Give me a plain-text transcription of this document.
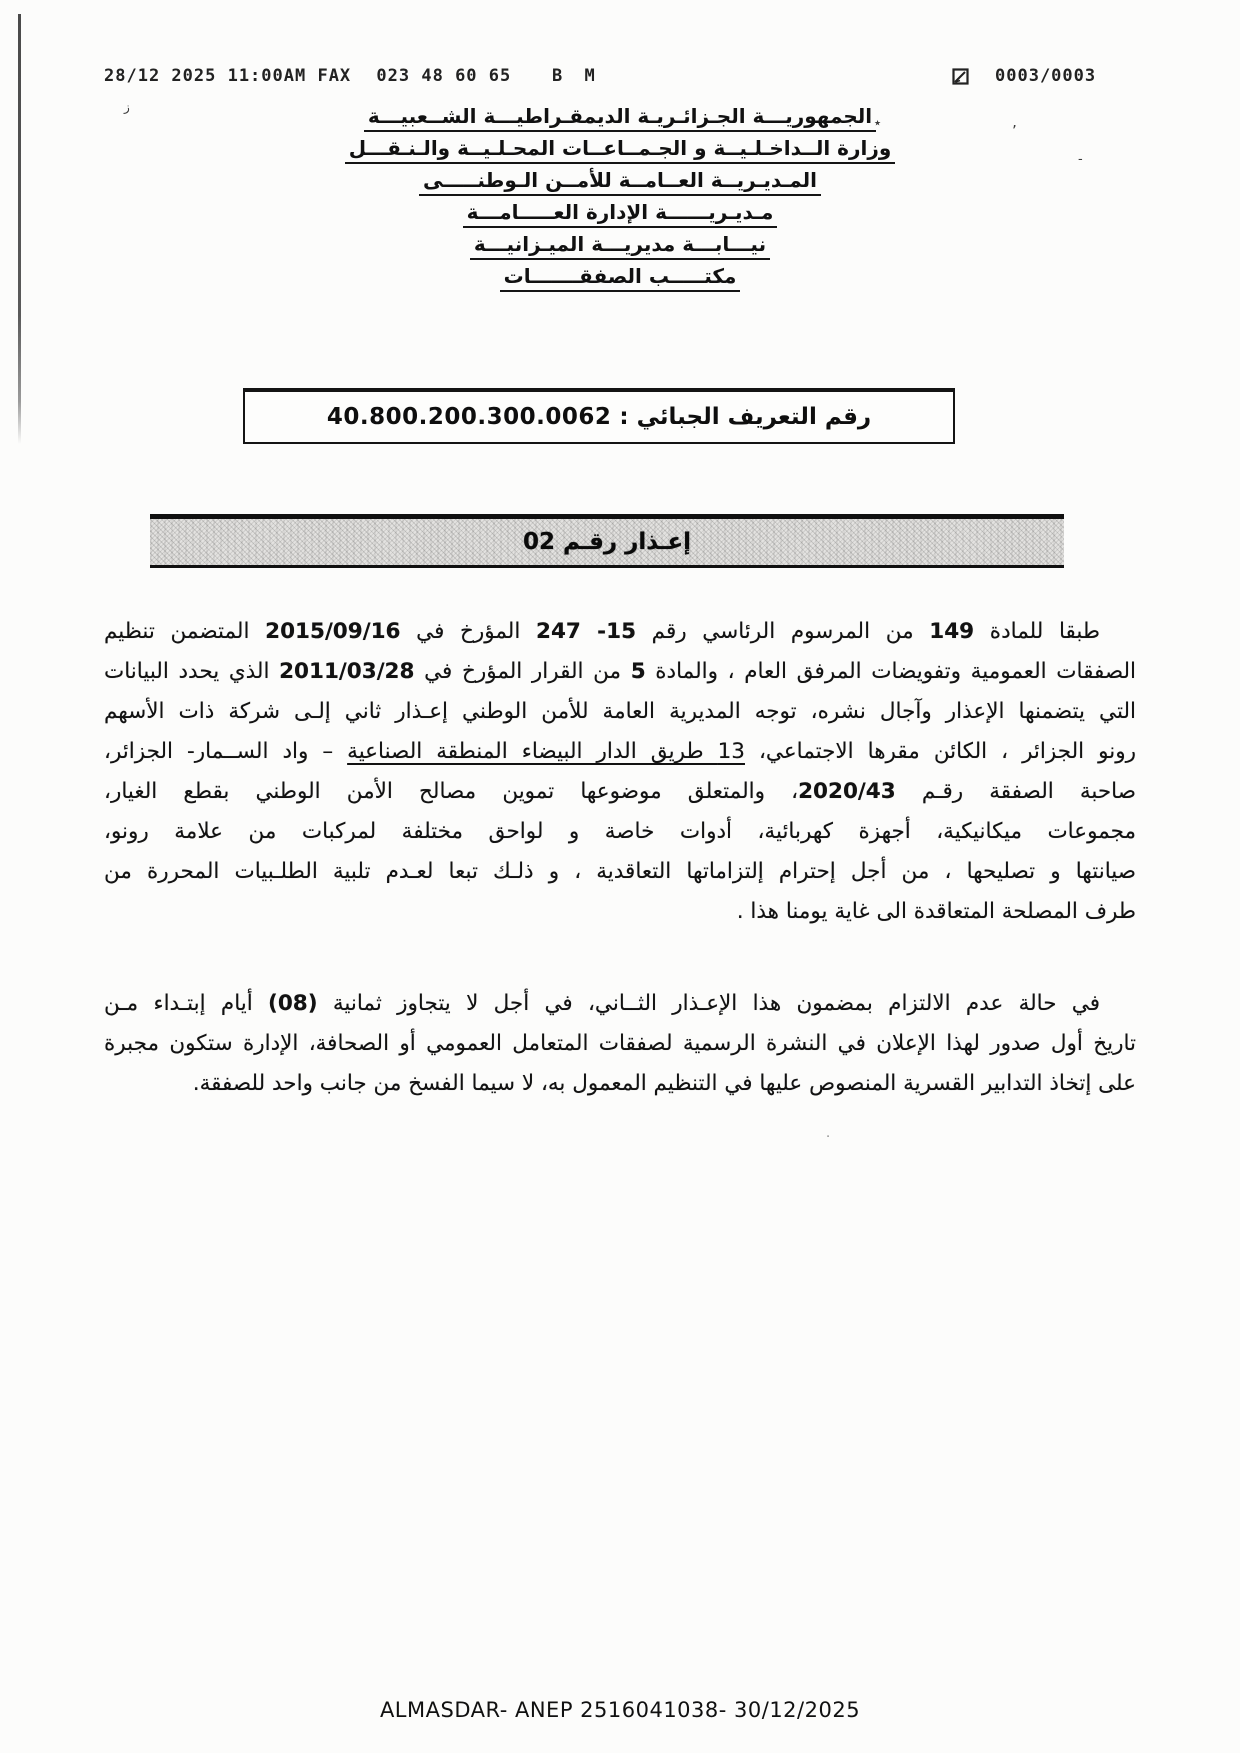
٭	’
-
ز 
·
28/12 2025 11:00AM FAX 023 48 60 65 B M	0003/0003
الجمهوريـــة الجـزائـريـة الديمقـراطيـــة الشــعبيـــة
وزارة الــداخـلـيــة و الجـمــاعــات المحـلـيــة والـنـقـــل
المـديـريــة العــامــة للأمــن الـوطنـــــى
مـديـريــــــة الإدارة العـــــامـــة
نيـــابـــة مديريـــة الميـزانيـــة
مكتـــــب الصفقـــــــات
رقم التعريف الجبائي :
40.800.200.300.0062
إعـذار رقـم 02
طبقا للمادة 149 من المرسوم الرئاسي رقم 15- 247 المؤرخ في 2015/09/16 المتضمن تنظيم
الصفقات العمومية وتفويضات المرفق العام ، والمادة 5 من القرار المؤرخ في 2011/03/28 الذي يحدد البيانات
التي يتضمنها الإعذار وآجال نشره، توجه المديرية العامة للأمن الوطني إعـذار ثاني إلـى شركة ذات الأسهم
رونو الجزائر ، الكائن مقرها الاجتماعي، 13 طريق الدار البيضاء المنطقة الصناعية – واد الســمار- الجزائر،
صاحبة الصفقة رقـم 2020/43، والمتعلق موضوعها تموين مصالح الأمن الوطني بقطع الغيار،
مجموعات ميكانيكية، أجهزة كهربائية، أدوات خاصة و لواحق مختلفة لمركبات من علامة رونو،
صيانتها و تصليحها ، من أجل إحترام إلتزاماتها التعاقدية ، و ذلـك تبعا لعـدم تلبية الطلـبيات المحررة من
طرف المصلحة المتعاقدة الى غاية يومنا هذا .
في حالة عدم الالتزام بمضمون هذا الإعـذار الثــاني، في أجل لا يتجاوز ثمانية (08) أيام إبتـداء مـن
تاريخ أول صدور لهذا الإعلان في النشرة الرسمية لصفقات المتعامل العمومي أو الصحافة، الإدارة ستكون مجبرة
على إتخاذ التدابير القسرية المنصوص عليها في التنظيم المعمول به، لا سيما الفسخ من جانب واحد للصفقة.
ALMASDAR- ANEP 2516041038- 30/12/2025
